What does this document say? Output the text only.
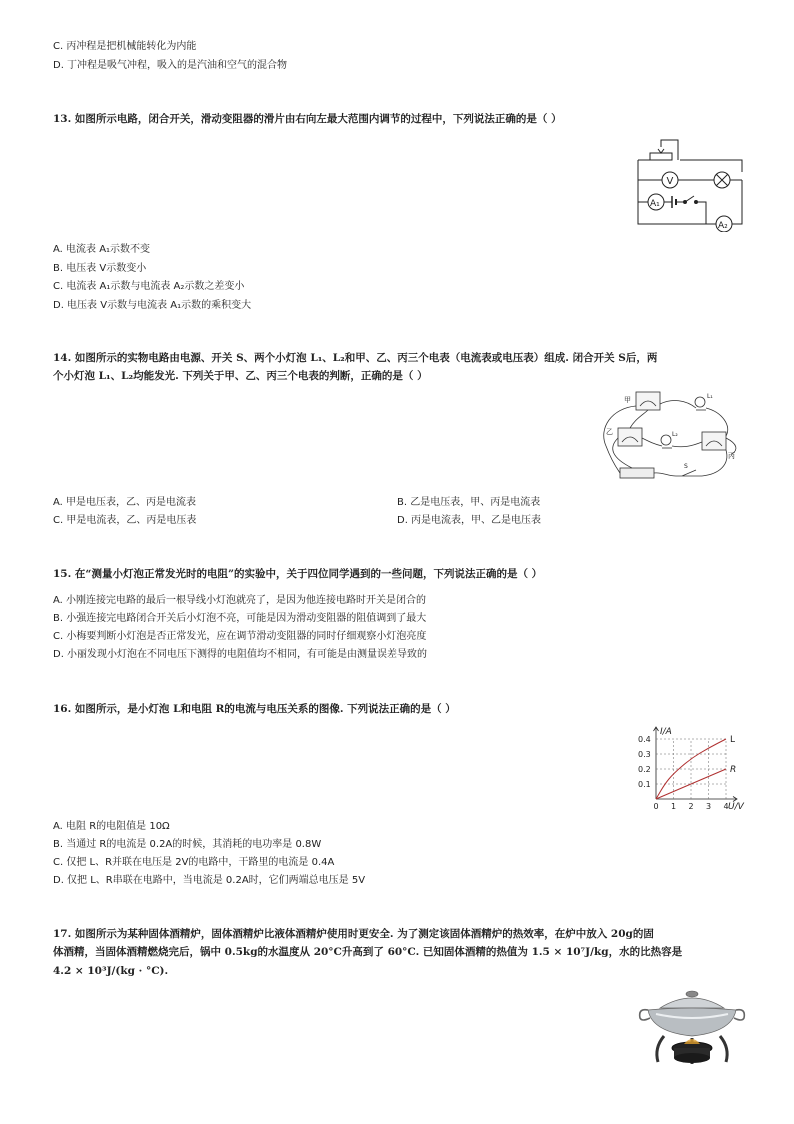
C. 丙冲程是把机械能转化为内能
D. 丁冲程是吸气冲程，吸入的是汽油和空气的混合物
13. 如图所示电路，闭合开关，滑动变阻器的滑片由右向左最大范围内调节的过程中，下列说法正确的是（ ）
V
A₁
A₂
A. 电流表 A₁示数不变
B. 电压表 V示数变小
C. 电流表 A₁示数与电流表 A₂示数之差变小
D. 电压表 V示数与电流表 A₁示数的乘积变大
14. 如图所示的实物电路由电源、开关 S、两个小灯泡 L₁、L₂和甲、乙、丙三个电表（电流表或电压表）组成. 闭合开关 S后，两
个小灯泡 L₁、L₂均能发光. 下列关于甲、乙、丙三个电表的判断，正确的是（ ）
甲
乙
丙
L₁
L₂
S
A. 甲是电压表，乙、丙是电流表	B. 乙是电压表，甲、丙是电流表
C. 甲是电流表，乙、丙是电压表	D. 丙是电流表，甲、乙是电压表
15. 在“测量小灯泡正常发光时的电阻”的实验中，关于四位同学遇到的一些问题，下列说法正确的是（ ）
A. 小刚连接完电路的最后一根导线小灯泡就亮了，是因为他连接电路时开关是闭合的
B. 小强连接完电路闭合开关后小灯泡不亮，可能是因为滑动变阻器的阻值调到了最大
C. 小梅要判断小灯泡是否正常发光，应在调节滑动变阻器的同时仔细观察小灯泡亮度
D. 小丽发现小灯泡在不同电压下测得的电阻值均不相同，有可能是由测量误差导致的
16. 如图所示，是小灯泡 L和电阻 R的电流与电压关系的图像. 下列说法正确的是（ ）
0 1 2 3 4
0.1
0.2
0.3
0.4	L
R
I/A
U/V
A. 电阻 R的电阻值是 10Ω
B. 当通过 R的电流是 0.2A的时候，其消耗的电功率是 0.8W
C. 仅把 L、R并联在电压是 2V的电路中，干路里的电流是 0.4A
D. 仅把 L、R串联在电路中，当电流是 0.2A时，它们两端总电压是 5V
17. 如图所示为某种固体酒精炉，固体酒精炉比液体酒精炉使用时更安全. 为了测定该固体酒精炉的热效率，在炉中放入 20g的固
体酒精，当固体酒精燃烧完后，锅中 0.5kg的水温度从 20°C升高到了 60°C. 已知固体酒精的热值为 1.5 × 10⁷J/kg，水的比热容是
4.2 × 10³J/(kg · °C).
